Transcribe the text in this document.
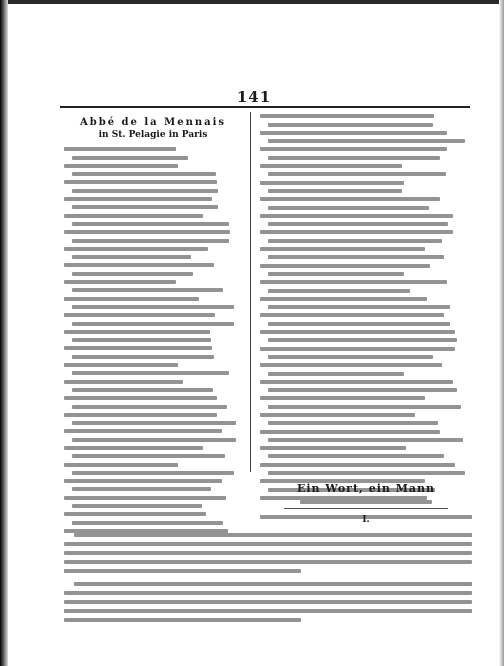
141
Abbé de la Mennais
in St. Pelagie in Paris
Ein Wort, ein Mann
I.
